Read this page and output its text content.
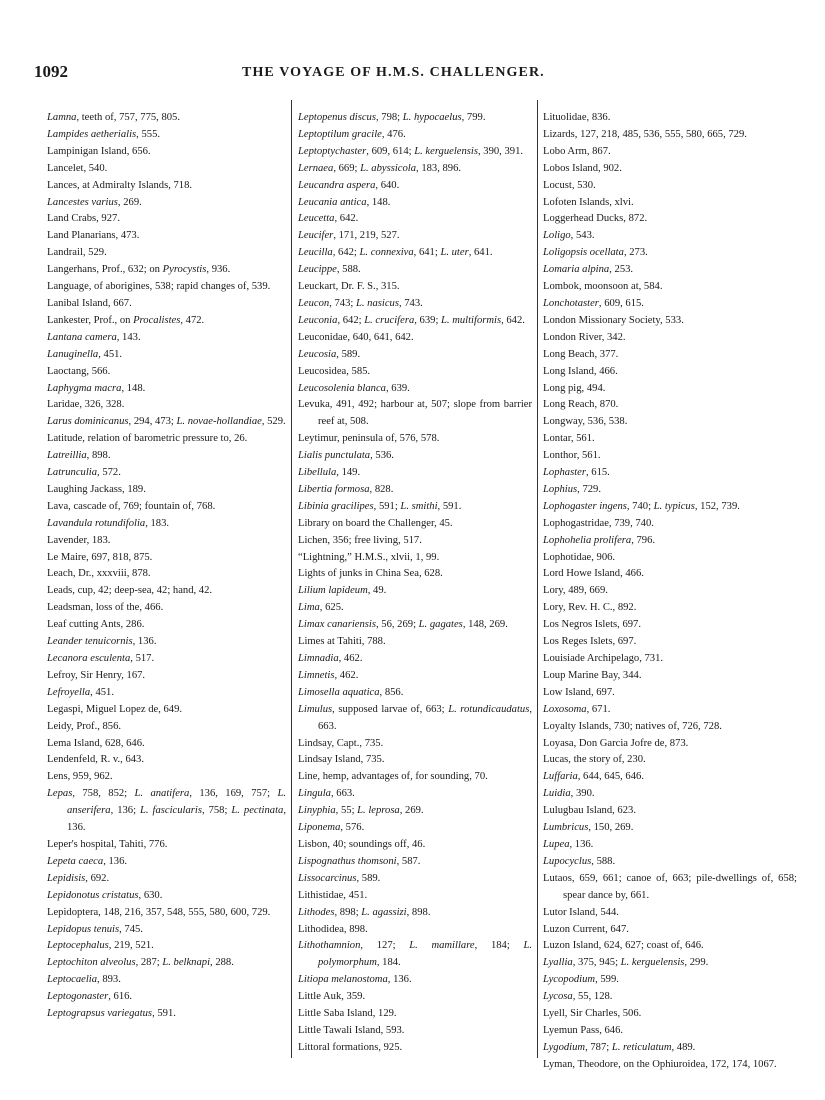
1092	THE VOYAGE OF H.M.S. CHALLENGER.
Lamna, teeth of, 757, 775, 805.
Lampides aetherialis, 555.
Lampinigan Island, 656.
Lancelet, 540.
Lances, at Admiralty Islands, 718.
Lancestes varius, 269.
Land Crabs, 927.
Land Planarians, 473.
Landrail, 529.
Langerhans, Prof., 632; on Pyrocystis, 936.
Language, of aborigines, 538; rapid changes of, 539.
Lanibal Island, 667.
Lankester, Prof., on Procalistes, 472.
Lantana camera, 143.
Lanuginella, 451.
Laoctang, 566.
Laphygma macra, 148.
Laridae, 326, 328.
Larus dominicanus, 294, 473; L. novae-hollandiae, 529.
Latitude, relation of barometric pressure to, 26.
Latreillia, 898.
Latrunculia, 572.
Laughing Jackass, 189.
Lava, cascade of, 769; fountain of, 768.
Lavandula rotundifolia, 183.
Lavender, 183.
Le Maire, 697, 818, 875.
Leach, Dr., xxxviii, 878.
Leads, cup, 42; deep-sea, 42; hand, 42.
Leadsman, loss of the, 466.
Leaf cutting Ants, 286.
Leander tenuicornis, 136.
Lecanora esculenta, 517.
Lefroy, Sir Henry, 167.
Lefroyella, 451.
Legaspi, Miguel Lopez de, 649.
Leidy, Prof., 856.
Lema Island, 628, 646.
Lendenfeld, R. v., 643.
Lens, 959, 962.
Lepas, 758, 852; L. anatifera, 136, 169, 757; L. anserifera, 136; L. fascicularis, 758; L. pectinata, 136.
Leper's hospital, Tahiti, 776.
Lepeta caeca, 136.
Lepidisis, 692.
Lepidonotus cristatus, 630.
Lepidoptera, 148, 216, 357, 548, 555, 580, 600, 729.
Lepidopus tenuis, 745.
Leptocephalus, 219, 521.
Leptochiton alveolus, 287; L. belknapi, 288.
Leptocaelia, 893.
Leptogonaster, 616.
Leptograpsus variegatus, 591.
Leptopenus discus, 798; L. hypocaelus, 799.
Leptoptilum gracile, 476.
Leptoptychaster, 609, 614; L. kerguelensis, 390, 391.
Lernaea, 669; L. abyssicola, 183, 896.
Leucandra aspera, 640.
Leucania antica, 148.
Leucetta, 642.
Leucifer, 171, 219, 527.
Leucilla, 642; L. connexiva, 641; L. uter, 641.
Leucippe, 588.
Leuckart, Dr. F. S., 315.
Leucon, 743; L. nasicus, 743.
Leuconia, 642; L. crucifera, 639; L. multiformis, 642.
Leuconidae, 640, 641, 642.
Leucosia, 589.
Leucosidea, 585.
Leucosolenia blanca, 639.
Levuka, 491, 492; harbour at, 507; slope from barrier reef at, 508.
Leytimur, peninsula of, 576, 578.
Lialis punctulata, 536.
Libellula, 149.
Libertia formosa, 828.
Libinia gracilipes, 591; L. smithi, 591.
Library on board the Challenger, 45.
Lichen, 356; free living, 517.
“Lightning,” H.M.S., xlvii, 1, 99.
Lights of junks in China Sea, 628.
Lilium lapideum, 49.
Lima, 625.
Limax canariensis, 56, 269; L. gagates, 148, 269.
Limes at Tahiti, 788.
Limnadia, 462.
Limnetis, 462.
Limosella aquatica, 856.
Limulus, supposed larvae of, 663; L. rotundicaudatus, 663.
Lindsay, Capt., 735.
Lindsay Island, 735.
Line, hemp, advantages of, for sounding, 70.
Lingula, 663.
Linyphia, 55; L. leprosa, 269.
Liponema, 576.
Lisbon, 40; soundings off, 46.
Lispognathus thomsoni, 587.
Lissocarcinus, 589.
Lithistidae, 451.
Lithodes, 898; L. agassizi, 898.
Lithodidea, 898.
Lithothamnion, 127; L. mamillare, 184; L. polymorphum, 184.
Litiopa melanostoma, 136.
Little Auk, 359.
Little Saba Island, 129.
Little Tawali Island, 593.
Littoral formations, 925.
Lituolidae, 836.
Lizards, 127, 218, 485, 536, 555, 580, 665, 729.
Lobo Arm, 867.
Lobos Island, 902.
Locust, 530.
Lofoten Islands, xlvi.
Loggerhead Ducks, 872.
Loligo, 543.
Loligopsis ocellata, 273.
Lomaria alpina, 253.
Lombok, moonsoon at, 584.
Lonchotaster, 609, 615.
London Missionary Society, 533.
London River, 342.
Long Beach, 377.
Long Island, 466.
Long pig, 494.
Long Reach, 870.
Longway, 536, 538.
Lontar, 561.
Lonthor, 561.
Lophaster, 615.
Lophius, 729.
Lophogaster ingens, 740; L. typicus, 152, 739.
Lophogastridae, 739, 740.
Lophohelia prolifera, 796.
Lophotidae, 906.
Lord Howe Island, 466.
Lory, 489, 669.
Lory, Rev. H. C., 892.
Los Negros Islets, 697.
Los Reges Islets, 697.
Louisiade Archipelago, 731.
Loup Marine Bay, 344.
Low Island, 697.
Loxosoma, 671.
Loyalty Islands, 730; natives of, 726, 728.
Loyasa, Don Garcia Jofre de, 873.
Lucas, the story of, 230.
Luffaria, 644, 645, 646.
Luidia, 390.
Lulugbau Island, 623.
Lumbricus, 150, 269.
Lupea, 136.
Lupocyclus, 588.
Lutaos, 659, 661; canoe of, 663; pile-dwellings of, 658; spear dance by, 661.
Lutor Island, 544.
Luzon Current, 647.
Luzon Island, 624, 627; coast of, 646.
Lyallia, 375, 945; L. kerguelensis, 299.
Lycopodium, 599.
Lycosa, 55, 128.
Lyell, Sir Charles, 506.
Lyemun Pass, 646.
Lygodium, 787; L. reticulatum, 489.
Lyman, Theodore, on the Ophiuroidea, 172, 174, 1067.
